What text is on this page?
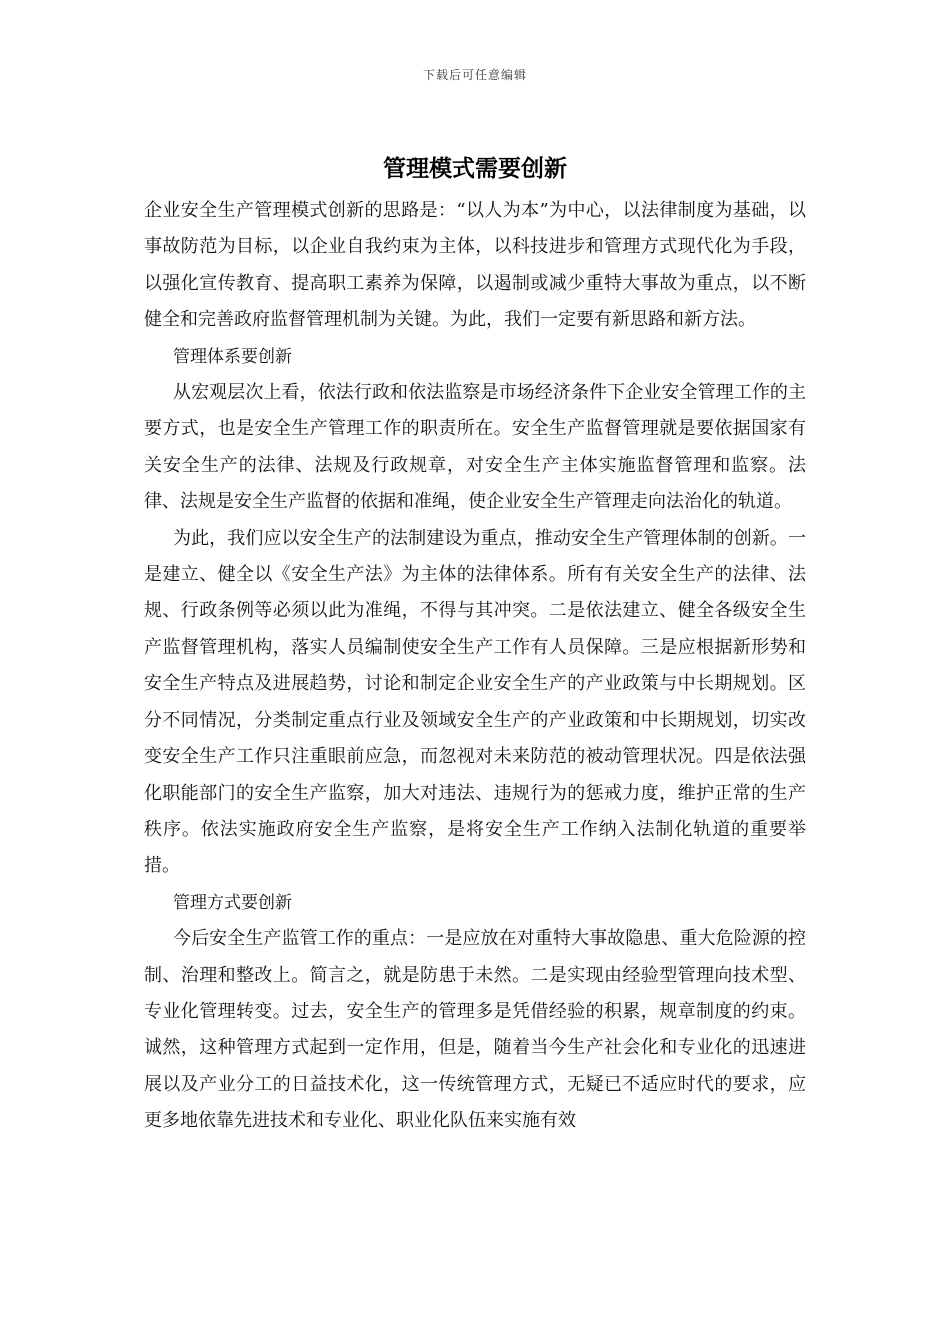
下载后可任意编辑
管理模式需要创新

企业安全生产管理模式创新的思路是：“以人为本”为中心，以法律制度为基础，以事故防范为目标，以企业自我约束为主体，以科技进步和管理方式现代化为手段，以强化宣传教育、提高职工素养为保障，以遏制或减少重特大事故为重点，以不断健全和完善政府监督管理机制为关键。为此，我们一定要有新思路和新方法。

管理体系要创新

从宏观层次上看，依法行政和依法监察是市场经济条件下企业安全管理工作的主要方式，也是安全生产管理工作的职责所在。安全生产监督管理就是要依据国家有关安全生产的法律、法规及行政规章，对安全生产主体实施监督管理和监察。法律、法规是安全生产监督的依据和准绳，使企业安全生产管理走向法治化的轨道。

为此，我们应以安全生产的法制建设为重点，推动安全生产管理体制的创新。一是建立、健全以《安全生产法》为主体的法律体系。所有有关安全生产的法律、法规、行政条例等必须以此为准绳，不得与其冲突。二是依法建立、健全各级安全生产监督管理机构，落实人员编制使安全生产工作有人员保障。三是应根据新形势和安全生产特点及进展趋势，讨论和制定企业安全生产的产业政策与中长期规划。区分不同情况，分类制定重点行业及领域安全生产的产业政策和中长期规划，切实改变安全生产工作只注重眼前应急，而忽视对未来防范的被动管理状况。四是依法强化职能部门的安全生产监察，加大对违法、违规行为的惩戒力度，维护正常的生产秩序。依法实施政府安全生产监察，是将安全生产工作纳入法制化轨道的重要举措。

管理方式要创新

今后安全生产监管工作的重点：一是应放在对重特大事故隐患、重大危险源的控制、治理和整改上。简言之，就是防患于未然。二是实现由经验型管理向技术型、专业化管理转变。过去，安全生产的管理多是凭借经验的积累，规章制度的约束。诚然，这种管理方式起到一定作用，但是，随着当今生产社会化和专业化的迅速进展以及产业分工的日益技术化，这一传统管理方式，无疑已不适应时代的要求，应更多地依靠先进技术和专业化、职业化队伍来实施有效
